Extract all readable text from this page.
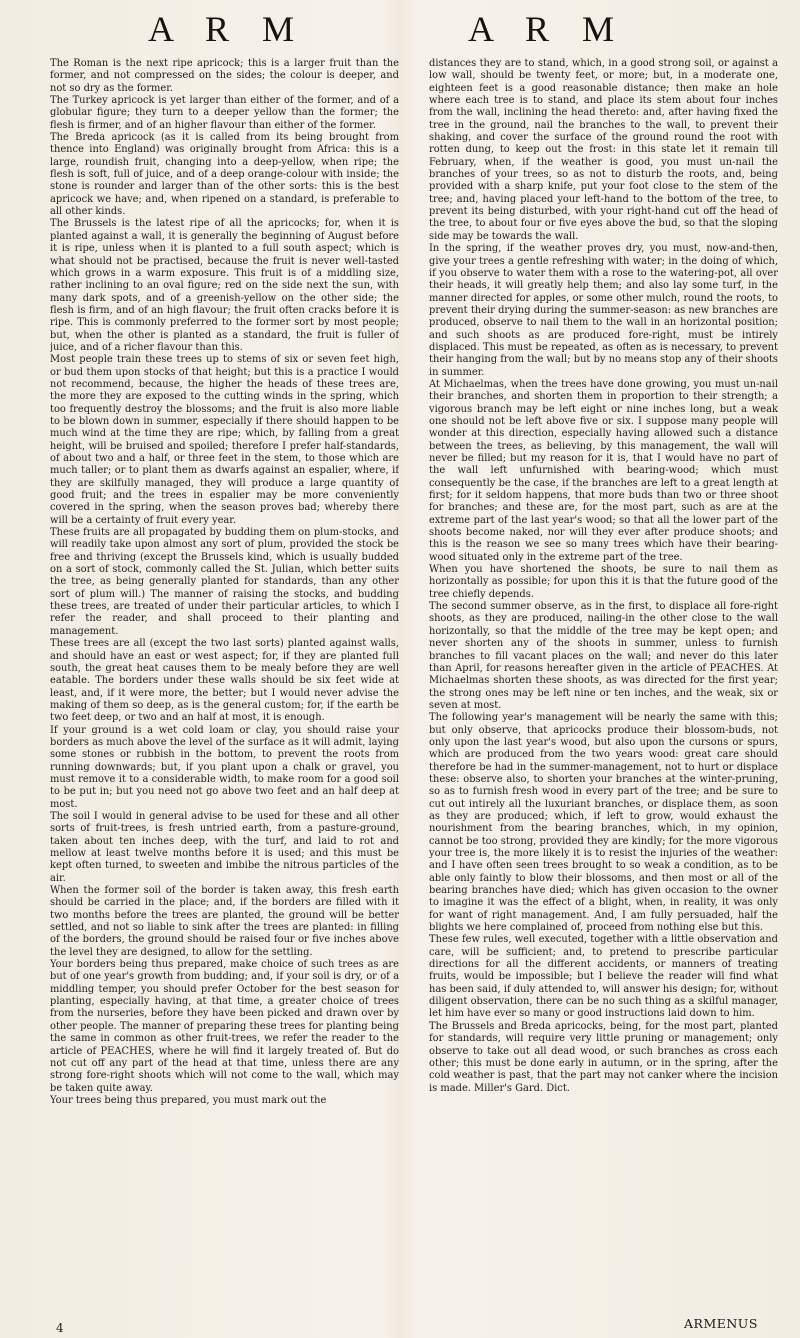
A R M	A R M

The Roman is the next ripe apricock; this is a larger fruit than the former, and not compressed on the sides; the colour is deeper, and not so dry as the former.

The Turkey apricock is yet larger than either of the former, and of a globular figure; they turn to a deeper yellow than the former; the flesh is firmer, and of an higher flavour than either of the former.

The Breda apricock (as it is called from its being brought from thence into England) was originally brought from Africa: this is a large, roundish fruit, changing into a deep-yellow, when ripe; the flesh is soft, full of juice, and of a deep orange-colour with inside; the stone is rounder and larger than of the other sorts: this is the best apricock we have; and, when ripened on a standard, is preferable to all other kinds.

The Brussels is the latest ripe of all the apricocks; for, when it is planted against a wall, it is generally the beginning of August before it is ripe, unless when it is planted to a full south aspect; which is what should not be practised, because the fruit is never well-tasted which grows in a warm exposure. This fruit is of a middling size, rather inclining to an oval figure; red on the side next the sun, with many dark spots, and of a greenish-yellow on the other side; the flesh is firm, and of an high flavour; the fruit often cracks before it is ripe. This is commonly preferred to the former sort by most people; but, when the other is planted as a standard, the fruit is fuller of juice, and of a richer flavour than this.

Most people train these trees up to stems of six or seven feet high, or bud them upon stocks of that height; but this is a practice I would not recommend, because, the higher the heads of these trees are, the more they are exposed to the cutting winds in the spring, which too frequently destroy the blossoms; and the fruit is also more liable to be blown down in summer, especially if there should happen to be much wind at the time they are ripe; which, by falling from a great height, will be bruised and spoiled; therefore I prefer half-standards, of about two and a half, or three feet in the stem, to those which are much taller; or to plant them as dwarfs against an espalier, where, if they are skilfully managed, they will produce a large quantity of good fruit; and the trees in espalier may be more conveniently covered in the spring, when the season proves bad; whereby there will be a certainty of fruit every year.

These fruits are all propagated by budding them on plum-stocks, and will readily take upon almost any sort of plum, provided the stock be free and thriving (except the Brussels kind, which is usually budded on a sort of stock, commonly called the St. Julian, which better suits the tree, as being generally planted for standards, than any other sort of plum will.) The manner of raising the stocks, and budding these trees, are treated of under their particular articles, to which I refer the reader, and shall proceed to their planting and management.

These trees are all (except the two last sorts) planted against walls, and should have an east or west aspect; for, if they are planted full south, the great heat causes them to be mealy before they are well eatable. The borders under these walls should be six feet wide at least, and, if it were more, the better; but I would never advise the making of them so deep, as is the general custom; for, if the earth be two feet deep, or two and an half at most, it is enough.

If your ground is a wet cold loam or clay, you should raise your borders as much above the level of the surface as it will admit, laying some stones or rubbish in the bottom, to prevent the roots from running downwards; but, if you plant upon a chalk or gravel, you must remove it to a considerable width, to make room for a good soil to be put in; but you need not go above two feet and an half deep at most.

The soil I would in general advise to be used for these and all other sorts of fruit-trees, is fresh untried earth, from a pasture-ground, taken about ten inches deep, with the turf, and laid to rot and mellow at least twelve months before it is used; and this must be kept often turned, to sweeten and imbibe the nitrous particles of the air.

When the former soil of the border is taken away, this fresh earth should be carried in the place; and, if the borders are filled with it two months before the trees are planted, the ground will be better settled, and not so liable to sink after the trees are planted: in filling of the borders, the ground should be raised four or five inches above the level they are designed, to allow for the settling.

Your borders being thus prepared, make choice of such trees as are but of one year's growth from budding; and, if your soil is dry, or of a middling temper, you should prefer October for the best season for planting, especially having, at that time, a greater choice of trees from the nurseries, before they have been picked and drawn over by other people. The manner of preparing these trees for planting being the same in common as other fruit-trees, we refer the reader to the article of PEACHES, where he will find it largely treated of. But do not cut off any part of the head at that time, unless there are any strong fore-right shoots which will not come to the wall, which may be taken quite away.

Your trees being thus prepared, you must mark out the

distances they are to stand, which, in a good strong soil, or against a low wall, should be twenty feet, or more; but, in a moderate one, eighteen feet is a good reasonable distance; then make an hole where each tree is to stand, and place its stem about four inches from the wall, inclining the head thereto: and, after having fixed the tree in the ground, nail the branches to the wall, to prevent their shaking, and cover the surface of the ground round the root with rotten dung, to keep out the frost: in this state let it remain till February, when, if the weather is good, you must un-nail the branches of your trees, so as not to disturb the roots, and, being provided with a sharp knife, put your foot close to the stem of the tree; and, having placed your left-hand to the bottom of the tree, to prevent its being disturbed, with your right-hand cut off the head of the tree, to about four or five eyes above the bud, so that the sloping side may be towards the wall.

In the spring, if the weather proves dry, you must, now-and-then, give your trees a gentle refreshing with water; in the doing of which, if you observe to water them with a rose to the watering-pot, all over their heads, it will greatly help them; and also lay some turf, in the manner directed for apples, or some other mulch, round the roots, to prevent their drying during the summer-season: as new branches are produced, observe to nail them to the wall in an horizontal position; and such shoots as are produced fore-right, must be intirely displaced. This must be repeated, as often as is necessary, to prevent their hanging from the wall; but by no means stop any of their shoots in summer.

At Michaelmas, when the trees have done growing, you must un-nail their branches, and shorten them in proportion to their strength; a vigorous branch may be left eight or nine inches long, but a weak one should not be left above five or six. I suppose many people will wonder at this direction, especially having allowed such a distance between the trees, as believing, by this management, the wall will never be filled; but my reason for it is, that I would have no part of the wall left unfurnished with bearing-wood; which must consequently be the case, if the branches are left to a great length at first; for it seldom happens, that more buds than two or three shoot for branches; and these are, for the most part, such as are at the extreme part of the last year's wood; so that all the lower part of the shoots become naked, nor will they ever after produce shoots; and this is the reason we see so many trees which have their bearing-wood situated only in the extreme part of the tree.

When you have shortened the shoots, be sure to nail them as horizontally as possible; for upon this it is that the future good of the tree chiefly depends.

The second summer observe, as in the first, to displace all fore-right shoots, as they are produced, nailing-in the other close to the wall horizontally, so that the middle of the tree may be kept open; and never shorten any of the shoots in summer, unless to furnish branches to fill vacant places on the wall; and never do this later than April, for reasons hereafter given in the article of PEACHES. At Michaelmas shorten these shoots, as was directed for the first year; the strong ones may be left nine or ten inches, and the weak, six or seven at most.

The following year's management will be nearly the same with this; but only observe, that apricocks produce their blossom-buds, not only upon the last year's wood, but also upon the cursons or spurs, which are produced from the two years wood: great care should therefore be had in the summer-management, not to hurt or displace these: observe also, to shorten your branches at the winter-pruning, so as to furnish fresh wood in every part of the tree; and be sure to cut out intirely all the luxuriant branches, or displace them, as soon as they are produced; which, if left to grow, would exhaust the nourishment from the bearing branches, which, in my opinion, cannot be too strong, provided they are kindly; for the more vigorous your tree is, the more likely it is to resist the injuries of the weather: and I have often seen trees brought to so weak a condition, as to be able only faintly to blow their blossoms, and then most or all of the bearing branches have died; which has given occasion to the owner to imagine it was the effect of a blight, when, in reality, it was only for want of right management. And, I am fully persuaded, half the blights we here complained of, proceed from nothing else but this.

These few rules, well executed, together with a little observation and care, will be sufficient; and, to pretend to prescribe particular directions for all the different accidents, or manners of treating fruits, would be impossible; but I believe the reader will find what has been said, if duly attended to, will answer his design; for, without diligent observation, there can be no such thing as a skilful manager, let him have ever so many or good instructions laid down to him.

The Brussels and Breda apricocks, being, for the most part, planted for standards, will require very little pruning or management; only observe to take out all dead wood, or such branches as cross each other; this must be done early in autumn, or in the spring, after the cold weather is past, that the part may not canker where the incision is made. Miller's Gard. Dict.

4	ARMENUS
